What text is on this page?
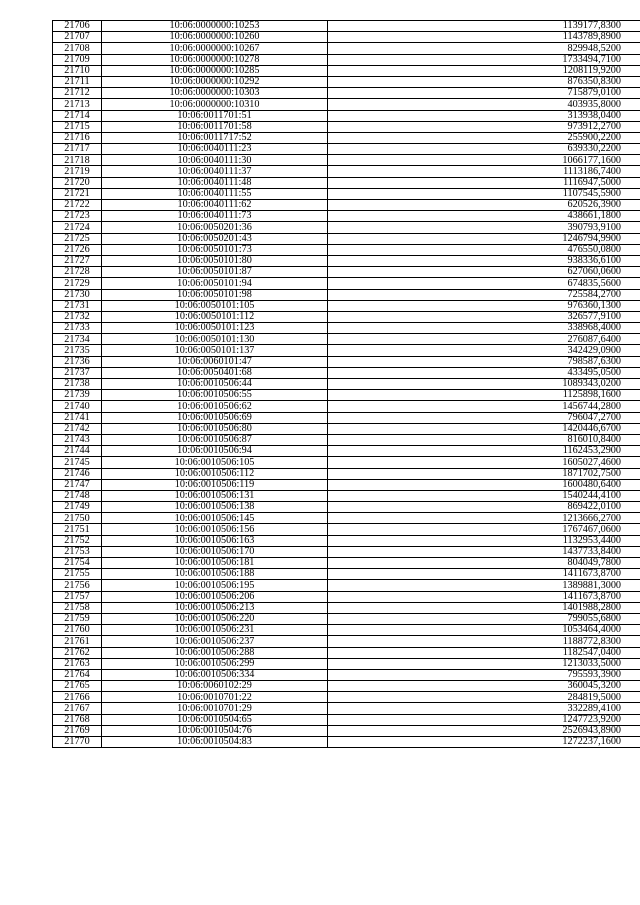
21706	10:06:0000000:10253	1139177,8300
21707	10:06:0000000:10260	1143789,8900
21708	10:06:0000000:10267	829948,5200
21709	10:06:0000000:10278	1733494,7100
21710	10:06:0000000:10285	1208119,9200
21711	10:06:0000000:10292	876350,8300
21712	10:06:0000000:10303	715879,0100
21713	10:06:0000000:10310	403935,8000
21714	10:06:0011701:51	313938,0400
21715	10:06:0011701:58	973912,2700
21716	10:06:0011717:52	255900,2200
21717	10:06:0040111:23	639330,2200
21718	10:06:0040111:30	1066177,1600
21719	10:06:0040111:37	1113186,7400
21720	10:06:0040111:48	1116947,5000
21721	10:06:0040111:55	1107545,5900
21722	10:06:0040111:62	620526,3900
21723	10:06:0040111:73	438661,1800
21724	10:06:0050201:36	390793,9100
21725	10:06:0050201:43	1246794,9900
21726	10:06:0050101:73	476550,0800
21727	10:06:0050101:80	938336,6100
21728	10:06:0050101:87	627060,0600
21729	10:06:0050101:94	674835,5600
21730	10:06:0050101:98	725584,2700
21731	10:06:0050101:105	976360,1300
21732	10:06:0050101:112	326577,9100
21733	10:06:0050101:123	338968,4000
21734	10:06:0050101:130	276087,6400
21735	10:06:0050101:137	342429,0900
21736	10:06:0060101:47	798587,6300
21737	10:06:0050401:68	433495,0500
21738	10:06:0010506:44	1089343,0200
21739	10:06:0010506:55	1125898,1600
21740	10:06:0010506:62	1456744,2800
21741	10:06:0010506:69	796047,2700
21742	10:06:0010506:80	1420446,6700
21743	10:06:0010506:87	816010,8400
21744	10:06:0010506:94	1162453,2900
21745	10:06:0010506:105	1605027,4600
21746	10:06:0010506:112	1871702,7500
21747	10:06:0010506:119	1600480,6400
21748	10:06:0010506:131	1540244,4100
21749	10:06:0010506:138	869422,0100
21750	10:06:0010506:145	1213666,2700
21751	10:06:0010506:156	1767467,0600
21752	10:06:0010506:163	1132953,4400
21753	10:06:0010506:170	1437733,8400
21754	10:06:0010506:181	804049,7800
21755	10:06:0010506:188	1411673,8700
21756	10:06:0010506:195	1389881,3000
21757	10:06:0010506:206	1411673,8700
21758	10:06:0010506:213	1401988,2800
21759	10:06:0010506:220	799055,6800
21760	10:06:0010506:231	1053464,4000
21761	10:06:0010506:237	1188772,8300
21762	10:06:0010506:288	1182547,0400
21763	10:06:0010506:299	1213033,5000
21764	10:06:0010506:334	795593,3900
21765	10:06:0060102:29	360045,3200
21766	10:06:0010701:22	284819,5000
21767	10:06:0010701:29	332289,4100
21768	10:06:0010504:65	1247723,9200
21769	10:06:0010504:76	2526943,8900
21770	10:06:0010504:83	1272237,1600
